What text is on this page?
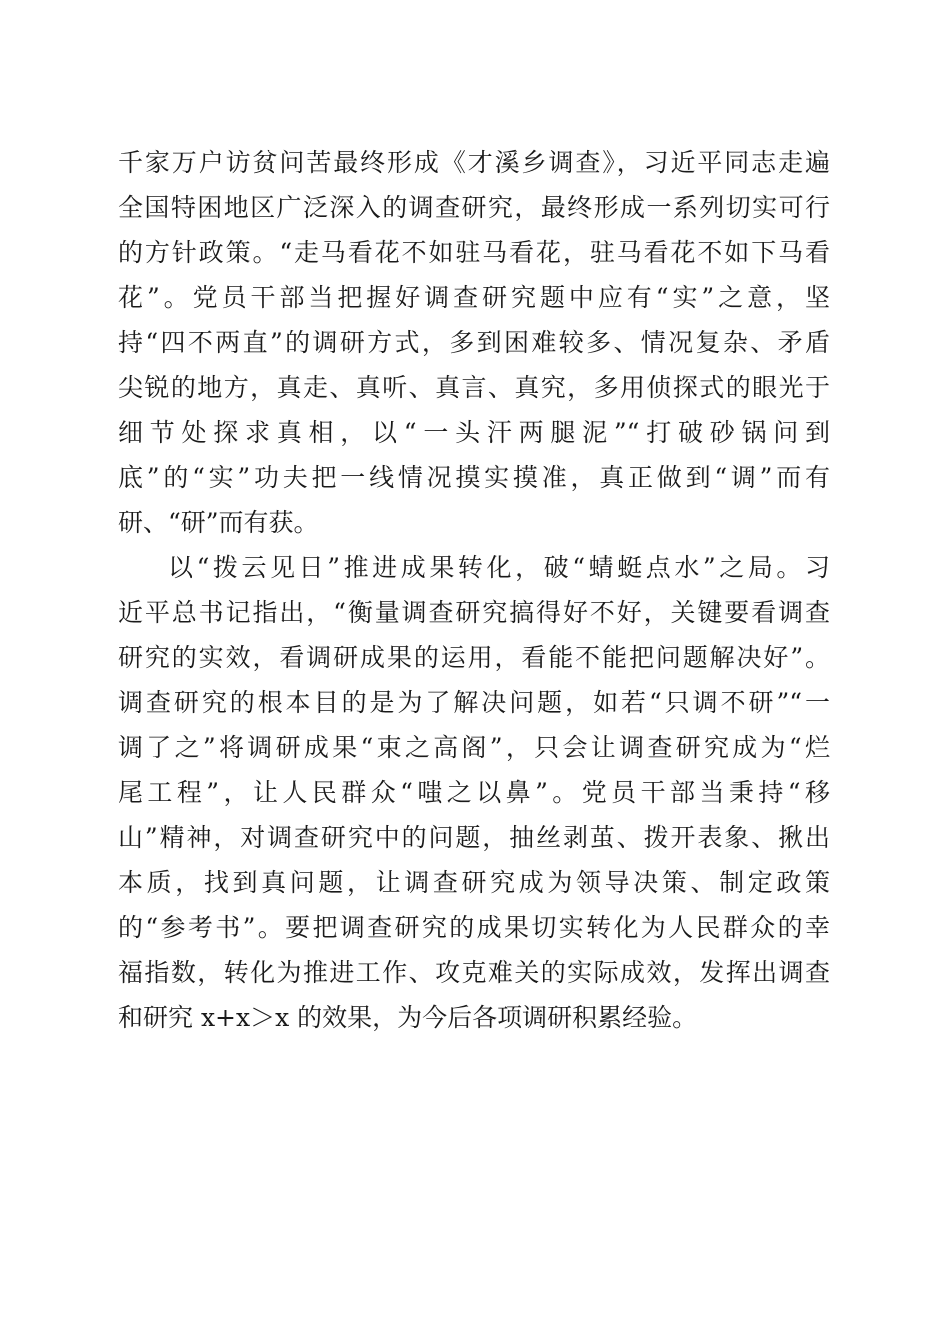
千家万户访贫问苦最终形成《才溪乡调查》，习近平同志走遍
全国特困地区广泛深入的调查研究，最终形成一系列切实可行
的方针政策。“走马看花不如驻马看花，驻马看花不如下马看
花”。党员干部当把握好调查研究题中应有“实”之意，坚
持“四不两直”的调研方式，多到困难较多、情况复杂、矛盾
尖锐的地方，真走、真听、真言、真究，多用侦探式的眼光于
细节处探求真相，以“一头汗两腿泥”“打破砂锅问到
底”的“实”功夫把一线情况摸实摸准，真正做到“调”而有
研、“研”而有获。
以“拨云见日”推进成果转化，破“蜻蜓点水”之局。习
近平总书记指出，“衡量调查研究搞得好不好，关键要看调查
研究的实效，看调研成果的运用，看能不能把问题解决好”。
调查研究的根本目的是为了解决问题，如若“只调不研”“一
调了之”将调研成果“束之高阁”，只会让调查研究成为“烂
尾工程”，让人民群众“嗤之以鼻”。党员干部当秉持“移
山”精神，对调查研究中的问题，抽丝剥茧、拨开表象、揪出
本质，找到真问题，让调查研究成为领导决策、制定政策
的“参考书”。要把调查研究的成果切实转化为人民群众的幸
福指数，转化为推进工作、攻克难关的实际成效，发挥出调查
和研究 x+x＞x 的效果，为今后各项调研积累经验。
